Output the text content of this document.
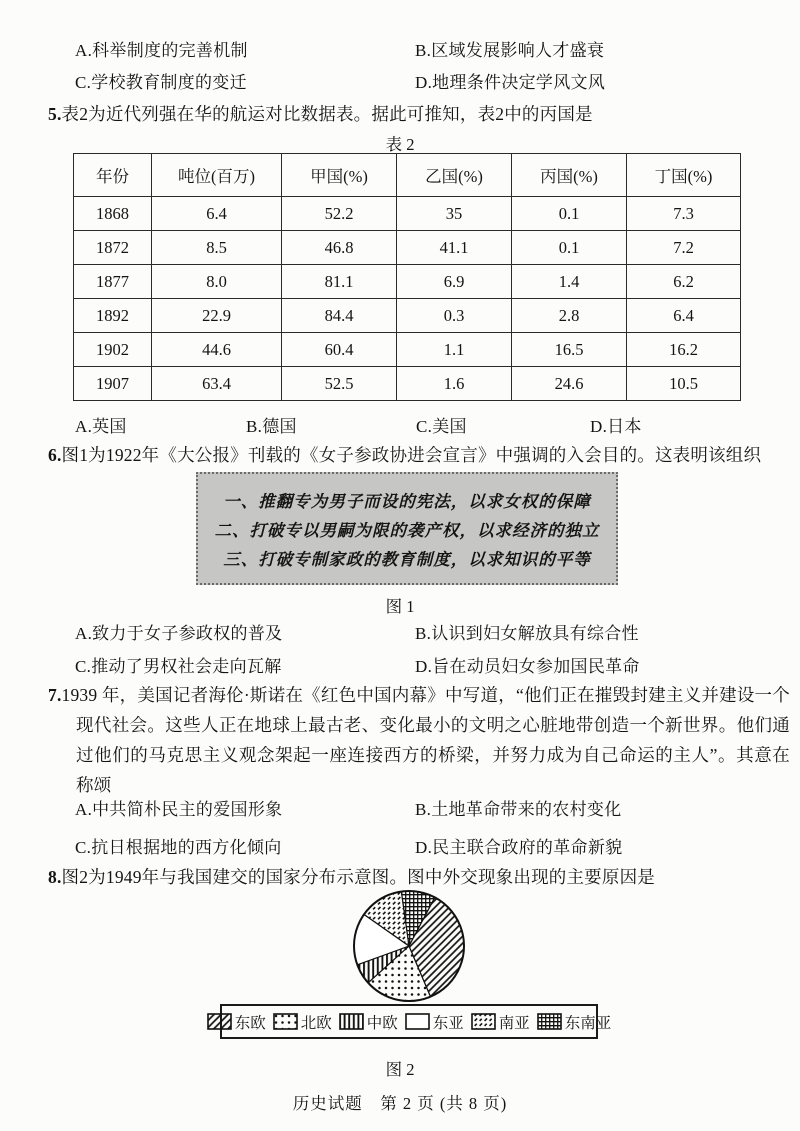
A.科举制度的完善机制	B.区域发展影响人才盛衰
C.学校教育制度的变迁	D.地理条件决定学风文风
5.表2为近代列强在华的航运对比数据表。据此可推知，表2中的丙国是
表 2
年份	吨位(百万)	甲国(%)	乙国(%)	丙国(%)	丁国(%)
1868	6.4	52.2	35	0.1	7.3
1872	8.5	46.8	41.1	0.1	7.2
1877	8.0	81.1	6.9	1.4	6.2
1892	22.9	84.4	0.3	2.8	6.4
1902	44.6	60.4	1.1	16.5	16.2
1907	63.4	52.5	1.6	24.6	10.5
A.英国	B.德国	C.美国	D.日本
6.图1为1922年《大公报》刊载的《女子参政协进会宣言》中强调的入会目的。这表明该组织
一、推翻专为男子而设的宪法，以求女权的保障
二、打破专以男嗣为限的袭产权，以求经济的独立
三、打破专制家政的教育制度，以求知识的平等
图 1
A.致力于女子参政权的普及	B.认识到妇女解放具有综合性
C.推动了男权社会走向瓦解	D.旨在动员妇女参加国民革命
7.1939 年，美国记者海伦·斯诺在《红色中国内幕》中写道，“他们正在摧毁封建主义并建设一个现代社会。这些人正在地球上最古老、变化最小的文明之心脏地带创造一个新世界。他们通过他们的马克思主义观念架起一座连接西方的桥梁，并努力成为自己命运的主人”。其意在称颂
A.中共简朴民主的爱国形象	B.土地革命带来的农村变化
C.抗日根据地的西方化倾向	D.民主联合政府的革命新貌
8.图2为1949年与我国建交的国家分布示意图。图中外交现象出现的主要原因是
东欧 北欧 中欧 东亚 南亚 东南亚
图 2
历史试题　第 2 页 (共 8 页)
